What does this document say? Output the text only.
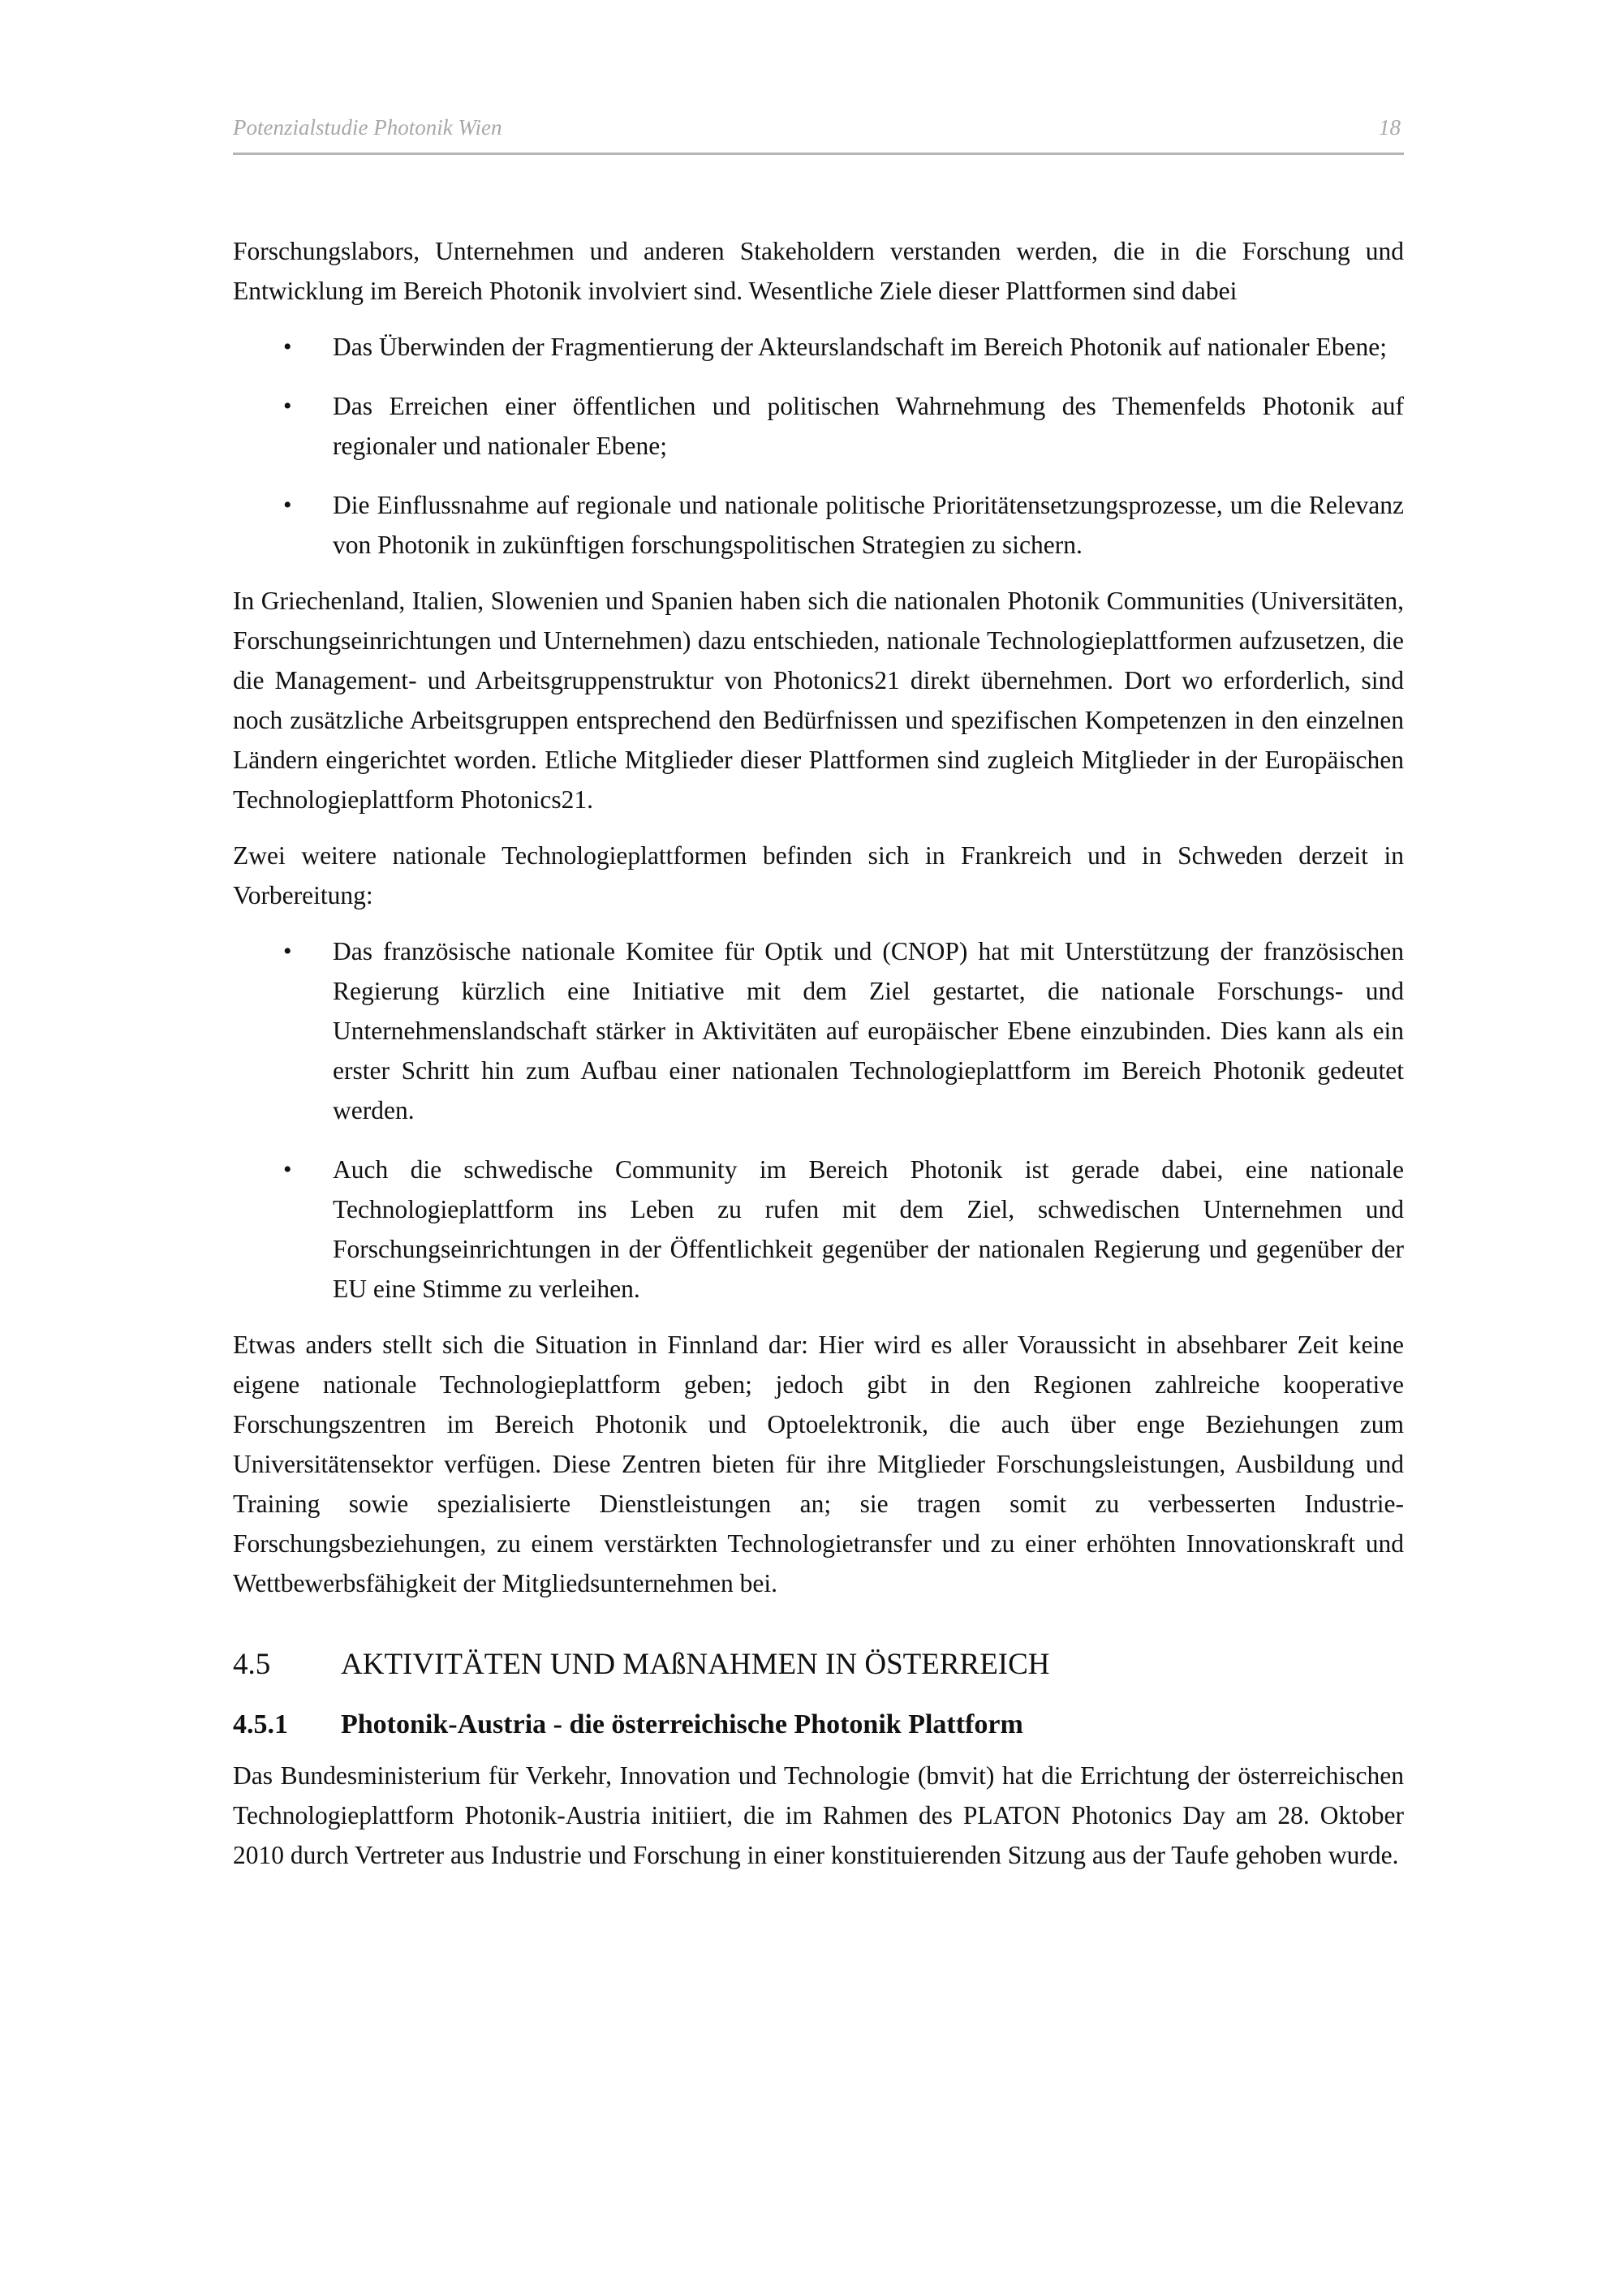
Potenzialstudie Photonik Wien	18

Forschungslabors, Unternehmen und anderen Stakeholdern verstanden werden, die in die Forschung und Entwicklung im Bereich Photonik involviert sind. Wesentliche Ziele dieser Plattformen sind dabei

• Das Überwinden der Fragmentierung der Akteurslandschaft im Bereich Photonik auf nationaler Ebene;
• Das Erreichen einer öffentlichen und politischen Wahrnehmung des Themenfelds Photonik auf regionaler und nationaler Ebene;
• Die Einflussnahme auf regionale und nationale politische Prioritätensetzungsprozesse, um die Relevanz von Photonik in zukünftigen forschungspolitischen Strategien zu sichern.

In Griechenland, Italien, Slowenien und Spanien haben sich die nationalen Photonik Communities (Universitäten, Forschungseinrichtungen und Unternehmen) dazu entschieden, nationale Technologieplattformen aufzusetzen, die die Management- und Arbeitsgruppenstruktur von Photonics21 direkt übernehmen. Dort wo erforderlich, sind noch zusätzliche Arbeitsgruppen entsprechend den Bedürfnissen und spezifischen Kompetenzen in den einzelnen Ländern eingerichtet worden. Etliche Mitglieder dieser Plattformen sind zugleich Mitglieder in der Europäischen Technologieplattform Photonics21.

Zwei weitere nationale Technologieplattformen befinden sich in Frankreich und in Schweden derzeit in Vorbereitung:

• Das französische nationale Komitee für Optik und (CNOP) hat mit Unterstützung der französischen Regierung kürzlich eine Initiative mit dem Ziel gestartet, die nationale Forschungs- und Unternehmenslandschaft stärker in Aktivitäten auf europäischer Ebene einzubinden. Dies kann als ein erster Schritt hin zum Aufbau einer nationalen Technologieplattform im Bereich Photonik gedeutet werden.
• Auch die schwedische Community im Bereich Photonik ist gerade dabei, eine nationale Technologieplattform ins Leben zu rufen mit dem Ziel, schwedischen Unternehmen und Forschungseinrichtungen in der Öffentlichkeit gegenüber der nationalen Regierung und gegenüber der EU eine Stimme zu verleihen.

Etwas anders stellt sich die Situation in Finnland dar: Hier wird es aller Voraussicht in absehbarer Zeit keine eigene nationale Technologieplattform geben; jedoch gibt in den Regionen zahlreiche kooperative Forschungszentren im Bereich Photonik und Optoelektronik, die auch über enge Beziehungen zum Universitätensektor verfügen. Diese Zentren bieten für ihre Mitglieder Forschungsleistungen, Ausbildung und Training sowie spezialisierte Dienstleistungen an; sie tragen somit zu verbesserten Industrie-Forschungsbeziehungen, zu einem verstärkten Technologietransfer und zu einer erhöhten Innovationskraft und Wettbewerbsfähigkeit der Mitgliedsunternehmen bei.

4.5 AKTIVITÄTEN UND MAßNAHMEN IN ÖSTERREICH
4.5.1 Photonik-Austria - die österreichische Photonik Plattform

Das Bundesministerium für Verkehr, Innovation und Technologie (bmvit) hat die Errichtung der österreichischen Technologieplattform Photonik-Austria initiiert, die im Rahmen des PLATON Photonics Day am 28. Oktober 2010 durch Vertreter aus Industrie und Forschung in einer konstituierenden Sitzung aus der Taufe gehoben wurde.
